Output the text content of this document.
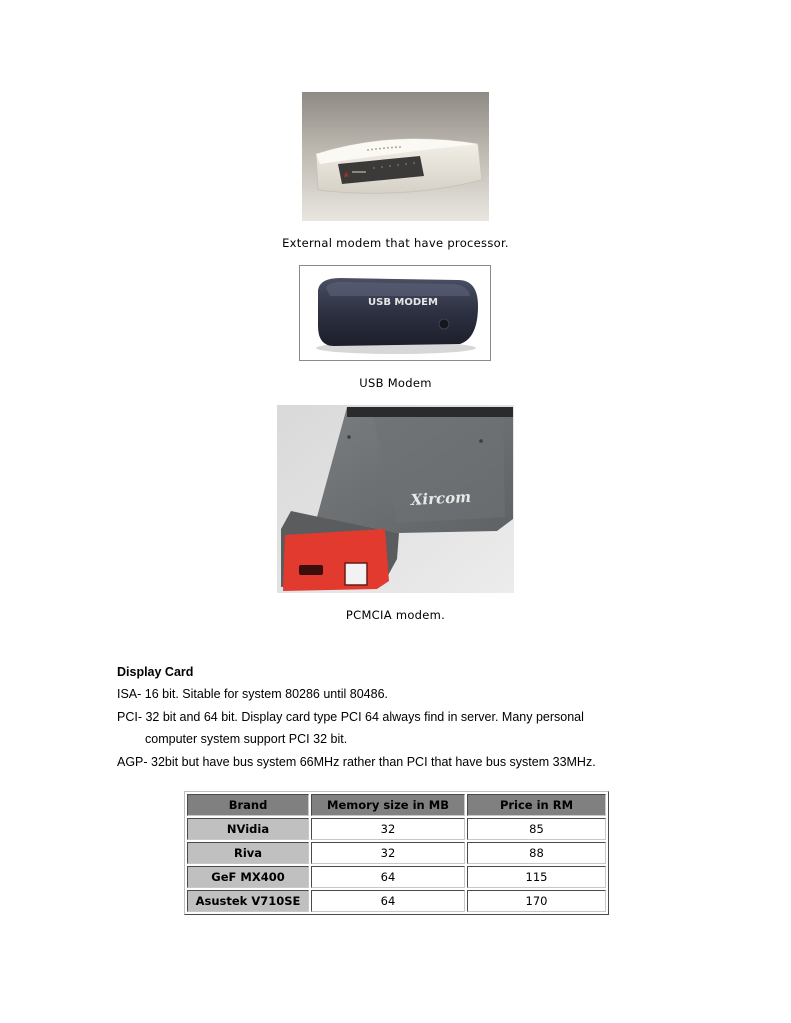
A
External modem that have processor.
USB MODEM
USB Modem
Xircom
PCMCIA modem.
Display Card
ISA- 16 bit. Sitable for system 80286 until 80486.
PCI- 32 bit and 64 bit. Display card type PCI 64 always find in server. Many personal
computer system support PCI 32 bit.
AGP- 32bit but have bus system 66MHz rather than PCI that have bus system 33MHz.
Brand	Memory size in MB	Price in RM
NVidia	32	85
Riva	32	88
GeF MX400	64	115
Asustek V710SE	64	170
